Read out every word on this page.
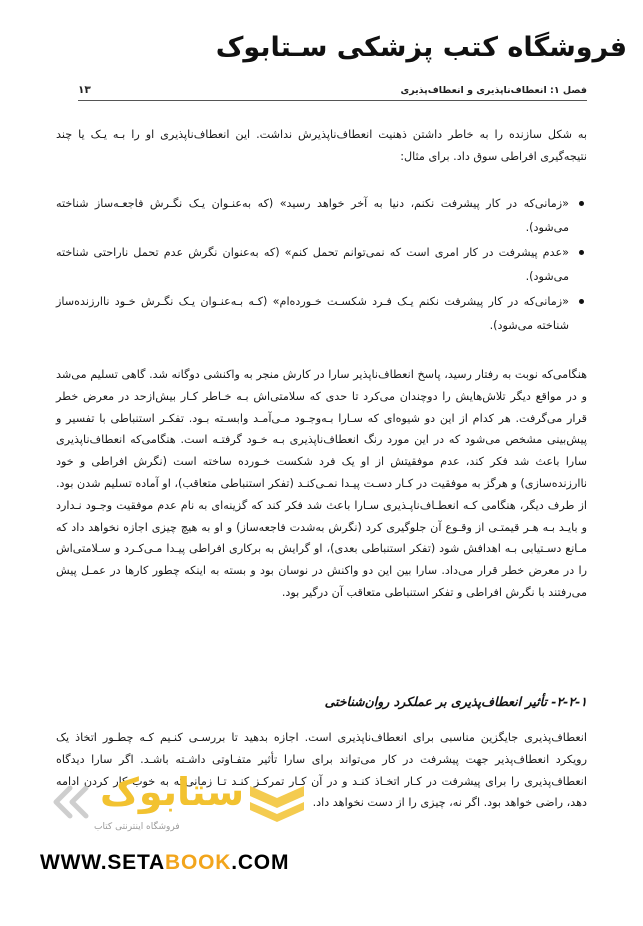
فروشگاه کتب پزشکی سـتابوک
فصل ۱: انعطاف‌ناپذیری و انعطاف‌پذیری
۱۳

به شکل سازنده را به خاطر داشتن ذهنیت انعطاف‌ناپذیرش نداشت. این انعطاف‌ناپذیری او را بـه یـک یا چند نتیجه‌گیری افراطی سوق داد. برای مثال:

«زمانی‌که در کار پیشرفت نکنم، دنیا به آخر خواهد رسید» (که به‌عنـوان یـک نگـرش فاجعـه‌ساز شناخته می‌شود).
«عدم پیشرفت در کار امری است که نمی‌توانم تحمل کنم» (که به‌عنوان نگرش عدم تحمل ناراحتی شناخته می‌شود).
«زمانی‌که در کار پیشرفت نکنم یـک فـرد شکسـت خـورده‌ام» (کـه بـه‌عنـوان یـک نگـرش خـود ناارزنده‌ساز شناخته می‌شود).

هنگامی‌که نوبت به رفتار رسید، پاسخ انعطاف‌ناپذیر سارا در کارش منجر به واکنشی دوگانه شد. گاهی تسلیم می‌شد و در مواقع دیگر تلاش‌هایش را دوچندان می‌کرد تا حدی که سلامتی‌اش بـه خـاطر کـار بیش‌ازحد در معرض خطر قرار می‌گرفت. هر کدام از این دو شیوه‌ای که سـارا بـه‌وجـود مـی‌آمـد وابسـته بـود. تفکـر استنباطی با تفسیر و پیش‌بینی مشخص می‌شود که در این مورد رنگ انعطاف‌ناپذیری بـه خـود گرفتـه است. هنگامی‌که انعطاف‌ناپذیری سارا باعث شد فکر کند، عدم موفقیتش از او یک فرد شکست خـورده ساخته است (نگرش افراطی و خود ناارزنده‌سازی) و هرگز به موفقیت در کـار دسـت پیـدا نمـی‌کنـد (تفکر استنباطی متعاقب)، او آماده تسلیم شدن بود. از طرف دیگر، هنگامی کـه انعطـاف‌ناپـذیری سـارا باعث شد فکر کند که گزینه‌ای به نام عدم موفقیت وجـود نـدارد و بایـد بـه هـر قیمتـی از وقـوع آن جلوگیری کرد (نگرش به‌شدت فاجعه‌ساز) و او به هیچ چیزی اجازه نخواهد داد که مـانع دسـتیابی بـه اهدافش شود (تفکر استنباطی بعدی)، او گرایش به برکاری افراطی پیـدا مـی‌کـرد و سـلامتی‌اش را در معرض خطر قرار می‌داد. سارا بین این دو واکنش در نوسان بود و بسته به اینکه چطور کارها در عمـل پیش می‌رفتند با نگرش افراطی و تفکر استنباطی متعاقب آن درگیر بود.

۲-۲-۱- تأثیر انعطاف‌پذیری بر عملکرد روان‌شناختی

انعطاف‌پذیری جایگزین مناسبی برای انعطاف‌ناپذیری است. اجازه بدهید تا بررسـی کنـیم کـه چطـور اتخاذ یک رویکرد انعطاف‌پذیر جهت پیشرفت در کار می‌تواند برای سارا تأثیر متفـاوتی داشـته باشـد. اگر سارا دیدگاه انعطاف‌پذیری را برای پیشرفت در کـار اتخـاذ کنـد و در آن کـار تمرکـز کنـد تـا زمانی‌که به خوب کار کردن ادامه دهد، راضی خواهد بود. اگر نه، چیزی را از دست نخواهد داد.

ستابوک
فروشگاه اینترنتی کتاب

WWW.SETABOOK.COM
